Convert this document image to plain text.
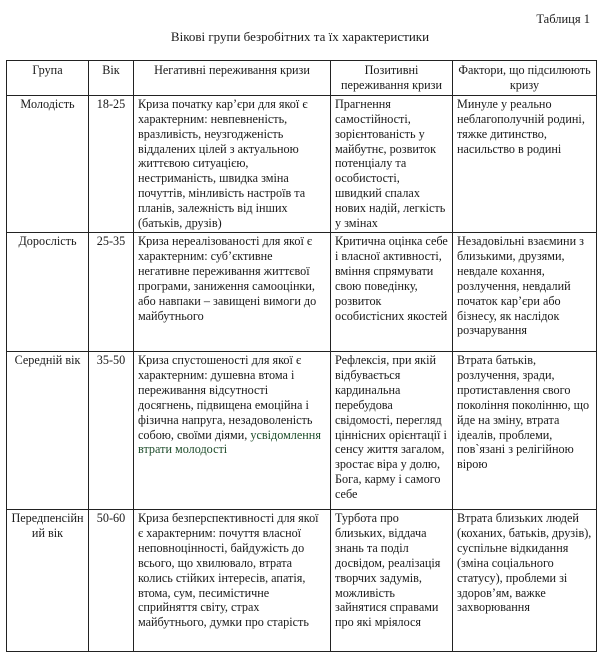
Таблиця 1
Вікові групи безробітних та їх характеристики
Група	Вік	Негативні переживання кризи	Позитивні переживання кризи	Фактори, що підсилюють кризу
Молодість	18-25	Криза початку кар’єри для якої є характерним: невпевненість, вразливість, неузгодженість віддалених цілей з актуальною життєвою ситуацією, нестриманість, швидка зміна почуттів, мінливість настроїв та планів, залежність від інших (батьків, друзів)	Прагнення самостійності, зорієнтованість у майбутнє, розвиток потенціалу та особистості, швидкий спалах нових надій, легкість у змінах	Минуле у реально неблагополучній родині, тяжке дитинство, насильство в родині
Дорослість	25-35	Криза нереалізованості для якої є характерним: суб’єктивне негативне переживання життєвої програми, заниження самооцінки, або навпаки – завищені вимоги до майбутнього	Критична оцінка себе і власної активності, вміння спрямувати свою поведінку, розвиток особистісних якостей	Незадовільні взаємини з близькими, друзями, невдале кохання, розлучення, невдалий початок кар’єри або бізнесу, як наслідок розчарування
Середній вік	35-50	Криза спустошеності для якої є характерним: душевна втома і переживання відсутності досягнень, підвищена емоційна і фізична напруга, незадоволеність собою, своїми діями, усвідомлення втрати молодості	Рефлексія, при якій відбувається кардинальна перебудова свідомості, перегляд ціннісних орієнтації і сенсу життя загалом, зростає віра у долю, Бога, карму і самого себе	Втрата батьків, розлучення, зради, протиставлення свого покоління поколінню, що йде на зміну, втрата ідеалів, проблеми, пов`язані з релігійною вірою
Передпенсійний вік	50-60	Криза безперспективності для якої є характерним: почуття власної неповноцінності, байдужість до всього, що хвилювало, втрата колись стійких інтересів, апатія, втома, сум, песимістичне сприйняття світу, страх майбутнього, думки про старість	Турбота про близьких, віддача знань та поділ досвідом, реалізація творчих задумів, можливість зайнятися справами про які мріялося	Втрата близьких людей (коханих, батьків, друзів), суспільне відкидання (зміна соціального статусу), проблеми зі здоров’ям, важке захворювання
